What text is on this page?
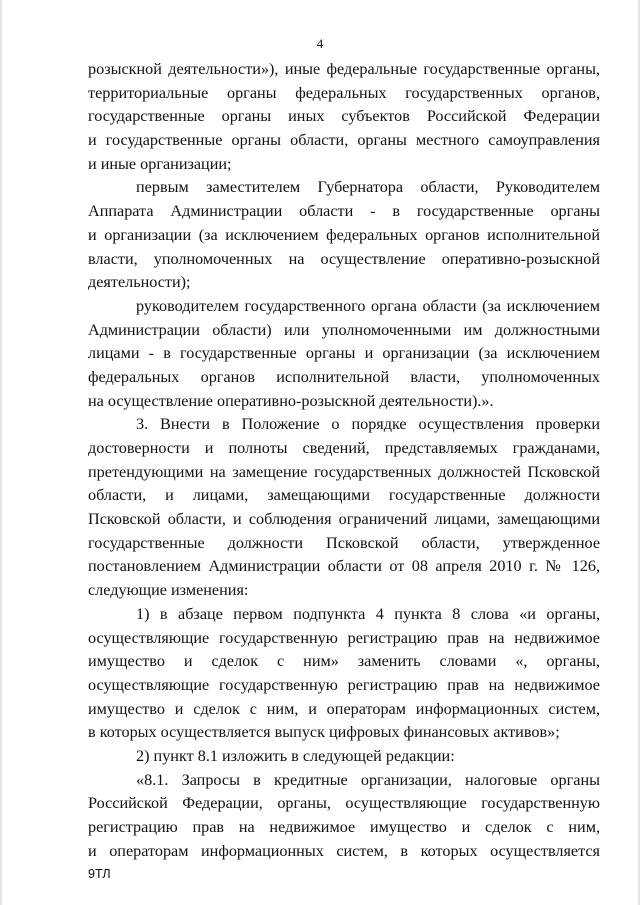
4
розыскной деятельности»), иные федеральные государственные органы,
территориальные органы федеральных государственных органов,
государственные органы иных субъектов Российской Федерации
и государственные органы области, органы местного самоуправления
и иные организации;
первым заместителем Губернатора области, Руководителем
Аппарата Администрации области - в государственные органы
и организации (за исключением федеральных органов исполнительной
власти, уполномоченных на осуществление оперативно-розыскной
деятельности);
руководителем государственного органа области (за исключением
Администрации области) или уполномоченными им должностными
лицами - в государственные органы и организации (за исключением
федеральных органов исполнительной власти, уполномоченных
на осуществление оперативно-розыскной деятельности).».
3. Внести в Положение о порядке осуществления проверки
достоверности и полноты сведений, представляемых гражданами,
претендующими на замещение государственных должностей Псковской
области, и лицами, замещающими государственные должности
Псковской области, и соблюдения ограничений лицами, замещающими
государственные должности Псковской области, утвержденное
постановлением Администрации области от 08 апреля 2010 г. № 126,
следующие изменения:
1) в абзаце первом подпункта 4 пункта 8 слова «и органы,
осуществляющие государственную регистрацию прав на недвижимое
имущество и сделок с ним» заменить словами «, органы,
осуществляющие государственную регистрацию прав на недвижимое
имущество и сделок с ним, и операторам информационных систем,
в которых осуществляется выпуск цифровых финансовых активов»;
2) пункт 8.1 изложить в следующей редакции:
«8.1. Запросы в кредитные организации, налоговые органы
Российской Федерации, органы, осуществляющие государственную
регистрацию прав на недвижимое имущество и сделок с ним,
и операторам информационных систем, в которых осуществляется
9ТЛ
